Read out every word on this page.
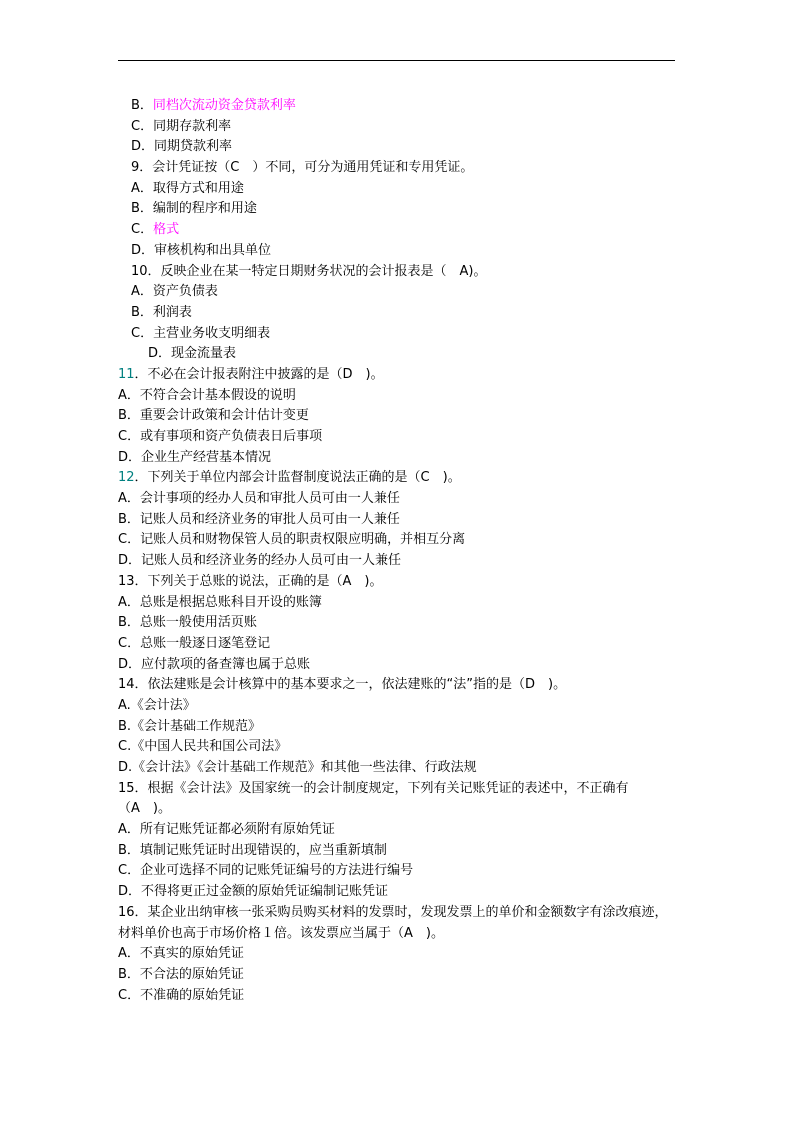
B．同档次流动资金贷款利率
C．同期存款利率
D．同期贷款利率
9．会计凭证按（C　）不同，可分为通用凭证和专用凭证。
A．取得方式和用途
B．编制的程序和用途
C．格式
D．审核机构和出具单位
10．反映企业在某一特定日期财务状况的会计报表是（　A)。
A．资产负债表
B．利润表
C．主营业务收支明细表
D．现金流量表
11．不必在会计报表附注中披露的是（D　)。
A．不符合会计基本假设的说明
B．重要会计政策和会计估计变更
C．或有事项和资产负债表日后事项
D．企业生产经营基本情况
12．下列关于单位内部会计监督制度说法正确的是（C　)。
A．会计事项的经办人员和审批人员可由一人兼任
B．记账人员和经济业务的审批人员可由一人兼任
C．记账人员和财物保管人员的职责权限应明确，并相互分离
D．记账人员和经济业务的经办人员可由一人兼任
13．下列关于总账的说法，正确的是（A　)。
A．总账是根据总账科目开设的账簿
B．总账一般使用活页账
C．总账一般逐日逐笔登记
D．应付款项的备查簿也属于总账
14．依法建账是会计核算中的基本要求之一，依法建账的“法”指的是（D　)。
A.《会计法》
B.《会计基础工作规范》
C.《中国人民共和国公司法》
D.《会计法》《会计基础工作规范》和其他一些法律、行政法规
15．根据《会计法》及国家统一的会计制度规定，下列有关记账凭证的表述中，不正确有（A　)。
A．所有记账凭证都必须附有原始凭证
B．填制记账凭证时出现错误的，应当重新填制
C．企业可选择不同的记账凭证编号的方法进行编号
D．不得将更正过金额的原始凭证编制记账凭证
16．某企业出纳审核一张采购员购买材料的发票时，发现发票上的单价和金额数字有涂改痕迹，材料单价也高于市场价格１倍。该发票应当属于（A　)。
A．不真实的原始凭证
B．不合法的原始凭证
C．不准确的原始凭证
